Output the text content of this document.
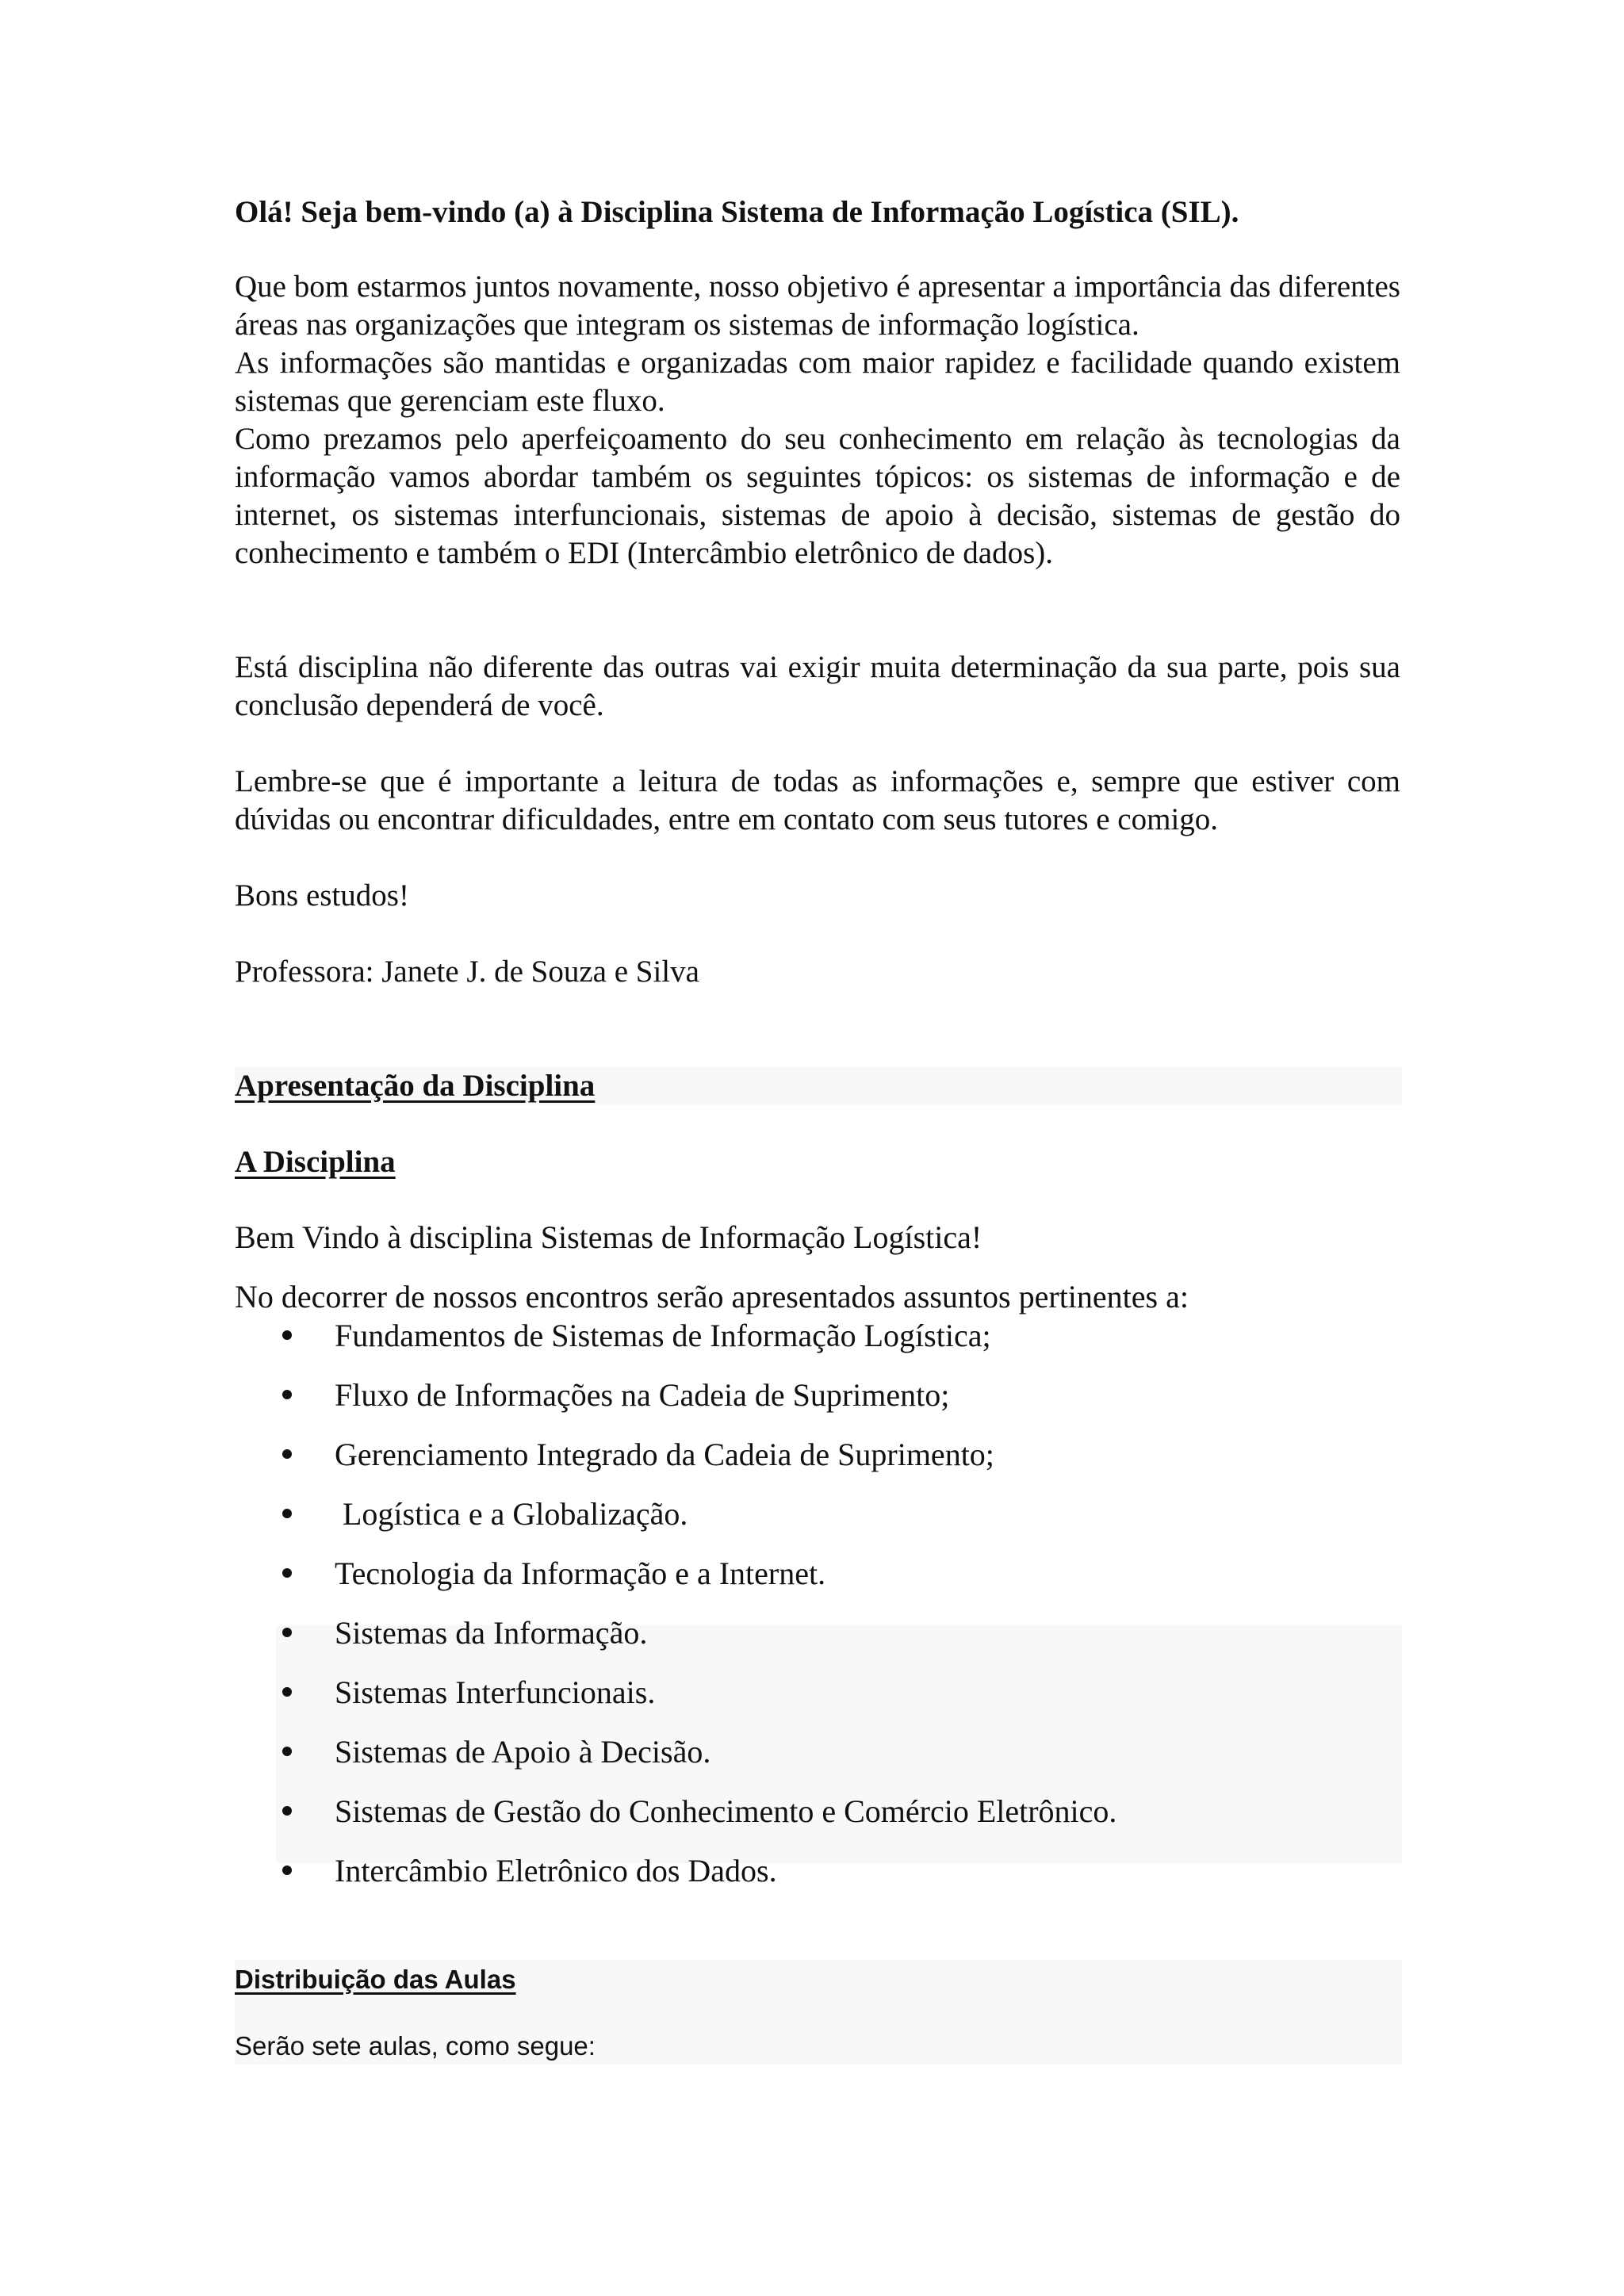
Olá! Seja bem-vindo (a) à Disciplina Sistema de Informação Logística (SIL).

Que bom estarmos juntos novamente, nosso objetivo é apresentar a importância das diferentes áreas nas organizações que integram os sistemas de informação logística.

As informações são mantidas e organizadas com maior rapidez e facilidade quando existem sistemas que gerenciam este fluxo.

Como prezamos pelo aperfeiçoamento do seu conhecimento em relação às tecnologias da informação vamos abordar também os seguintes tópicos: os sistemas de informação e de internet, os sistemas interfuncionais, sistemas de apoio à decisão, sistemas de gestão do conhecimento e também o EDI (Intercâmbio eletrônico de dados).

Está disciplina não diferente das outras vai exigir muita determinação da sua parte, pois sua conclusão dependerá de você.

Lembre-se que é importante a leitura de todas as informações e, sempre que estiver com dúvidas ou encontrar dificuldades, entre em contato com seus tutores e comigo.

Bons estudos!

Professora: Janete J. de Souza e Silva

Apresentação da Disciplina

A Disciplina

Bem Vindo à disciplina Sistemas de Informação Logística!

No decorrer de nossos encontros serão apresentados assuntos pertinentes a:

Fundamentos de Sistemas de Informação Logística;
Fluxo de Informações na Cadeia de Suprimento;
Gerenciamento Integrado da Cadeia de Suprimento;
Logística e a Globalização.
Tecnologia da Informação e a Internet.
Sistemas da Informação.
Sistemas Interfuncionais.
Sistemas de Apoio à Decisão.
Sistemas de Gestão do Conhecimento e Comércio Eletrônico.
Intercâmbio Eletrônico dos Dados.

Distribuição das Aulas

Serão sete aulas, como segue:
